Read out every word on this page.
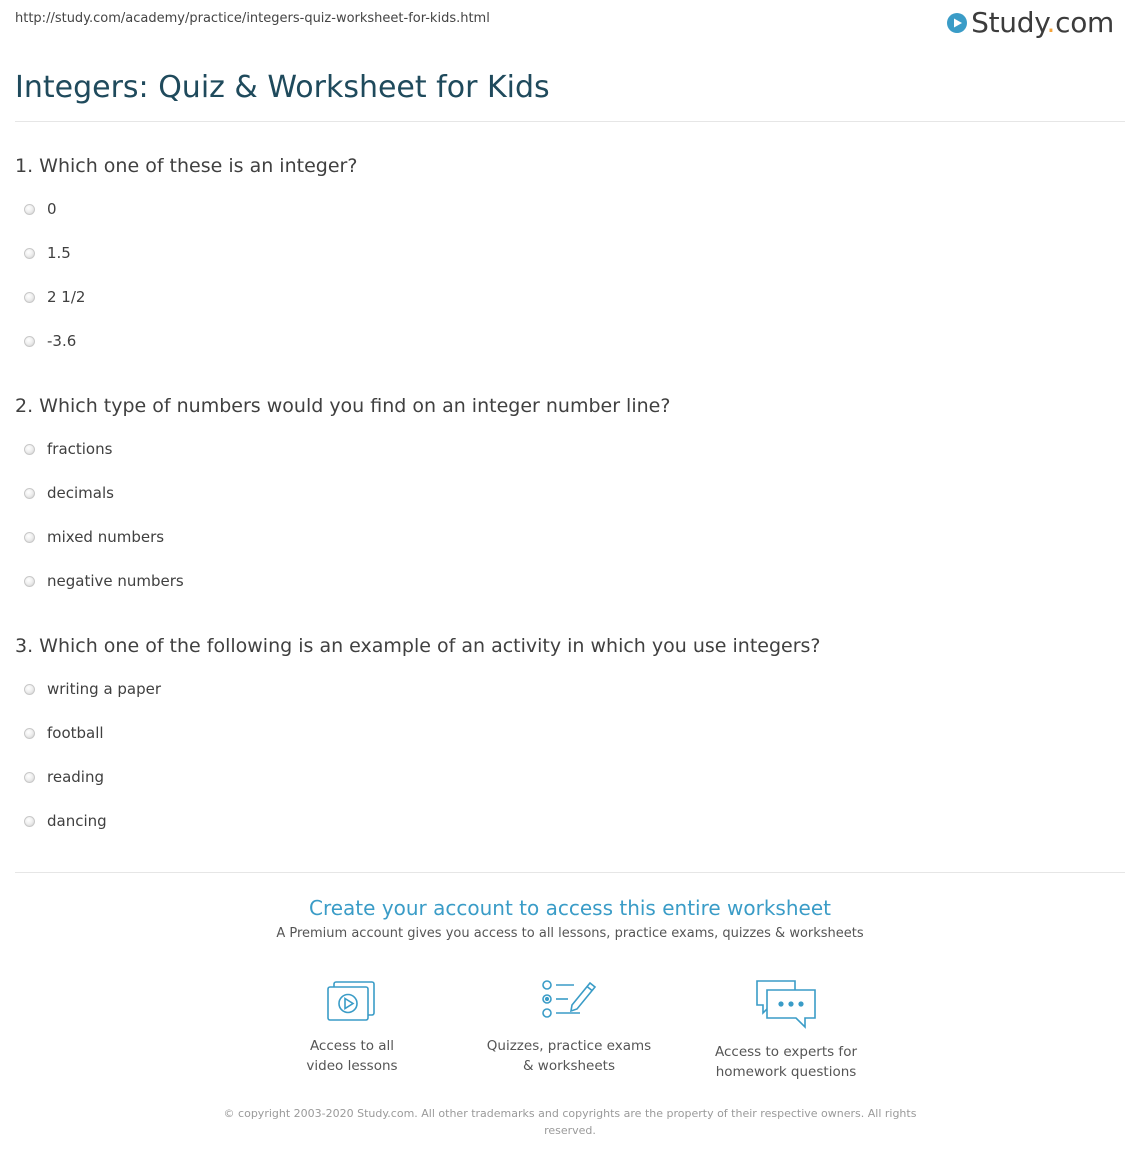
http://study.com/academy/practice/integers-quiz-worksheet-for-kids.html	Study.com
Integers: Quiz & Worksheet for Kids
1. Which one of these is an integer?
0
1.5
2 1/2
-3.6
2. Which type of numbers would you find on an integer number line?
fractions
decimals
mixed numbers
negative numbers
3. Which one of the following is an example of an activity in which you use integers?
writing a paper
football
reading
dancing
Create your account to access this entire worksheet
A Premium account gives you access to all lessons, practice exams, quizzes & worksheets
Access to all
video lessons
Quizzes, practice exams
& worksheets
Access to experts for
homework questions
© copyright 2003-2020 Study.com. All other trademarks and copyrights are the property of their respective owners. All rights
reserved.
